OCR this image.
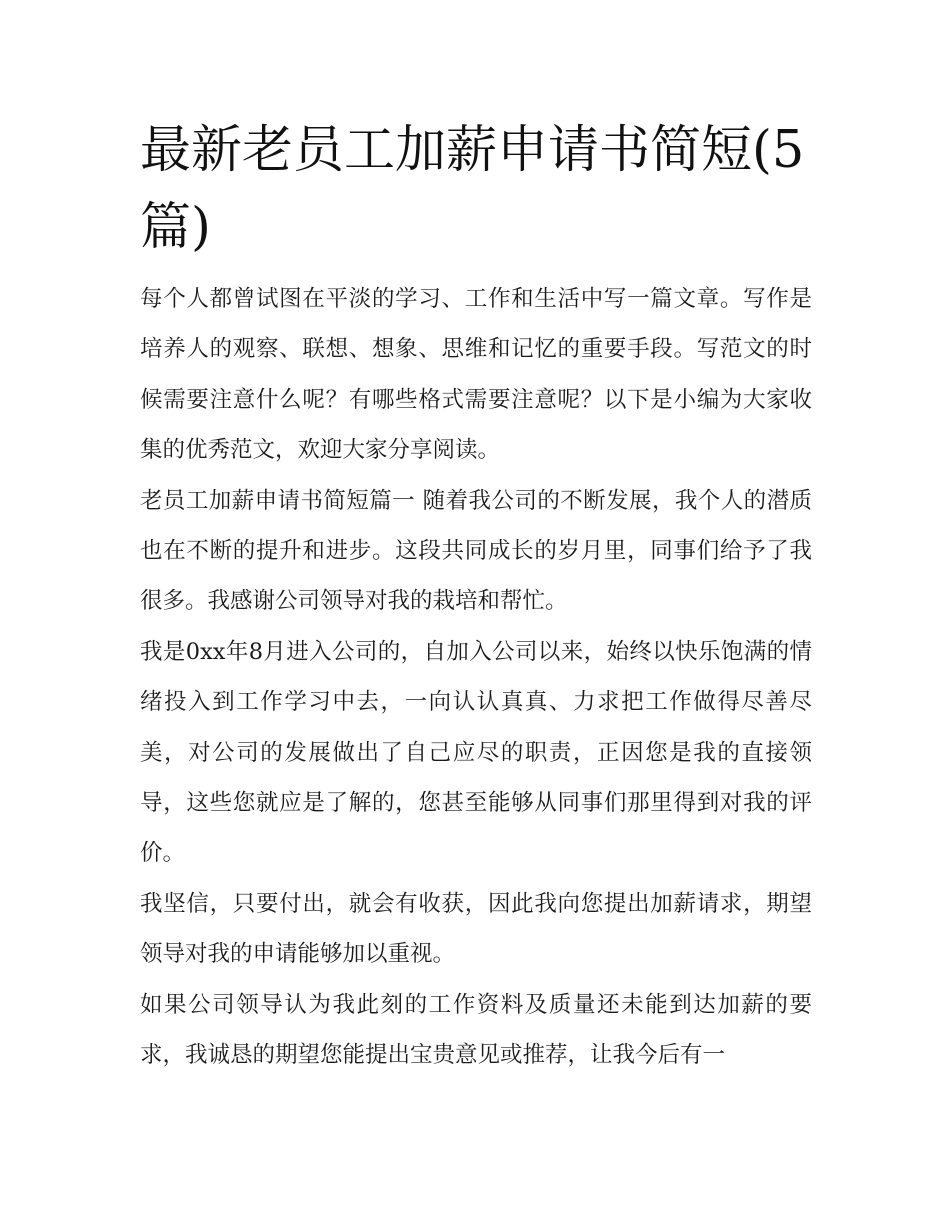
最新老员工加薪申请书简短(5篇)

每个人都曾试图在平淡的学习、工作和生活中写一篇文章。写作是培养人的观察、联想、想象、思维和记忆的重要手段。写范文的时候需要注意什么呢？有哪些格式需要注意呢？以下是小编为大家收集的优秀范文，欢迎大家分享阅读。

老员工加薪申请书简短篇一 随着我公司的不断发展，我个人的潜质也在不断的提升和进步。这段共同成长的岁月里，同事们给予了我很多。我感谢公司领导对我的栽培和帮忙。

我是0xx年8月进入公司的，自加入公司以来，始终以快乐饱满的情绪投入到工作学习中去，一向认认真真、力求把工作做得尽善尽美，对公司的发展做出了自己应尽的职责，正因您是我的直接领导，这些您就应是了解的，您甚至能够从同事们那里得到对我的评价。

我坚信，只要付出，就会有收获，因此我向您提出加薪请求，期望领导对我的申请能够加以重视。

如果公司领导认为我此刻的工作资料及质量还未能到达加薪的要求，我诚恳的期望您能提出宝贵意见或推荐，让我今后有一
